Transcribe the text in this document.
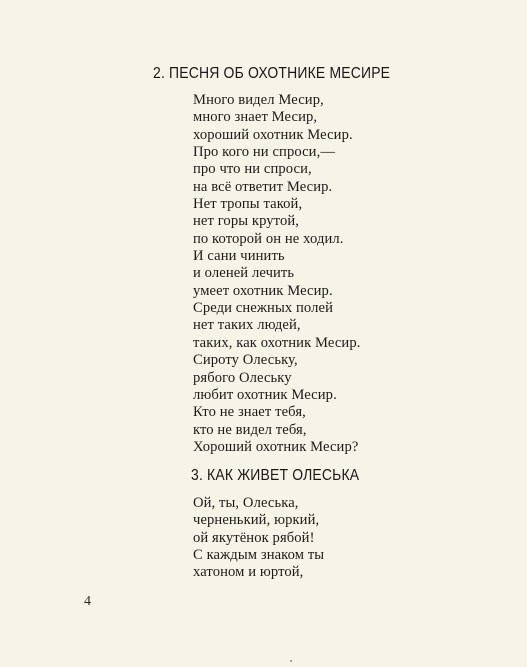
2. ПЕСНЯ ОБ ОХОТНИКЕ МЕСИРЕ
Много видел Месир,
много знает Месир,
хороший охотник Месир.
Про кого ни спроси,—
про что ни спроси,
на всё ответит Месир.
Нет тропы такой,
нет горы крутой,
по которой он не ходил.
И сани чинить
и оленей лечить
умеет охотник Месир.
Среди снежных полей
нет таких людей,
таких, как охотник Месир.
Сироту Олеську,
рябого Олеську
любит охотник Месир.
Кто не знает тебя,
кто не видел тебя,
Хороший охотник Месир?
3. КАК ЖИВЕТ ОЛЕСЬКА
Ой, ты, Олеська,
черненький, юркий,
ой якутёнок рябой!
С каждым знаком ты
хатоном и юртой,
4
